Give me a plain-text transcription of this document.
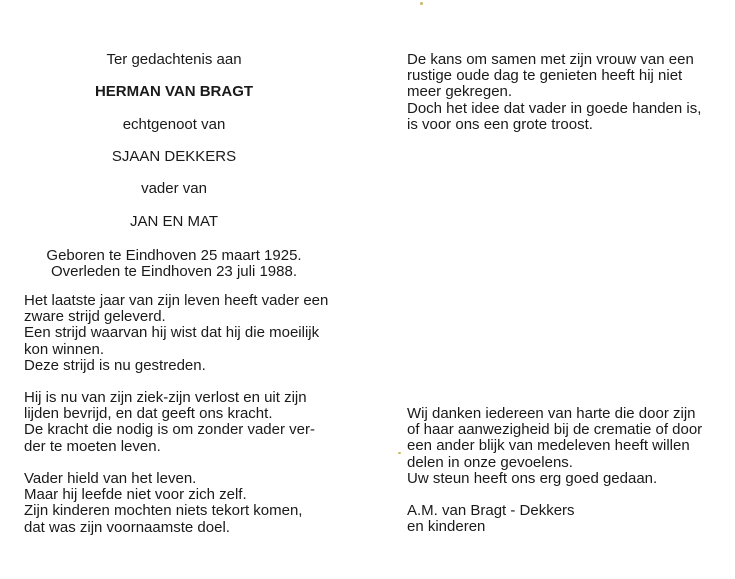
Ter gedachtenis aan
HERMAN VAN BRAGT
echtgenoot van
SJAAN DEKKERS
vader van
JAN EN MAT
Geboren te Eindhoven 25 maart 1925.
Overleden te Eindhoven 23 juli 1988.
Het laatste jaar van zijn leven heeft vader een
zware strijd geleverd.
Een strijd waarvan hij wist dat hij die moeilijk
kon winnen.
Deze strijd is nu gestreden.
Hij is nu van zijn ziek-zijn verlost en uit zijn
lijden bevrijd, en dat geeft ons kracht.
De kracht die nodig is om zonder vader ver-
der te moeten leven.
Vader hield van het leven.
Maar hij leefde niet voor zich zelf.
Zijn kinderen mochten niets tekort komen,
dat was zijn voornaamste doel.
De kans om samen met zijn vrouw van een
rustige oude dag te genieten heeft hij niet
meer gekregen.
Doch het idee dat vader in goede handen is,
is voor ons een grote troost.
Wij danken iedereen van harte die door zijn
of haar aanwezigheid bij de crematie of door
een ander blijk van medeleven heeft willen
delen in onze gevoelens.
Uw steun heeft ons erg goed gedaan.
A.M. van Bragt - Dekkers
en kinderen
